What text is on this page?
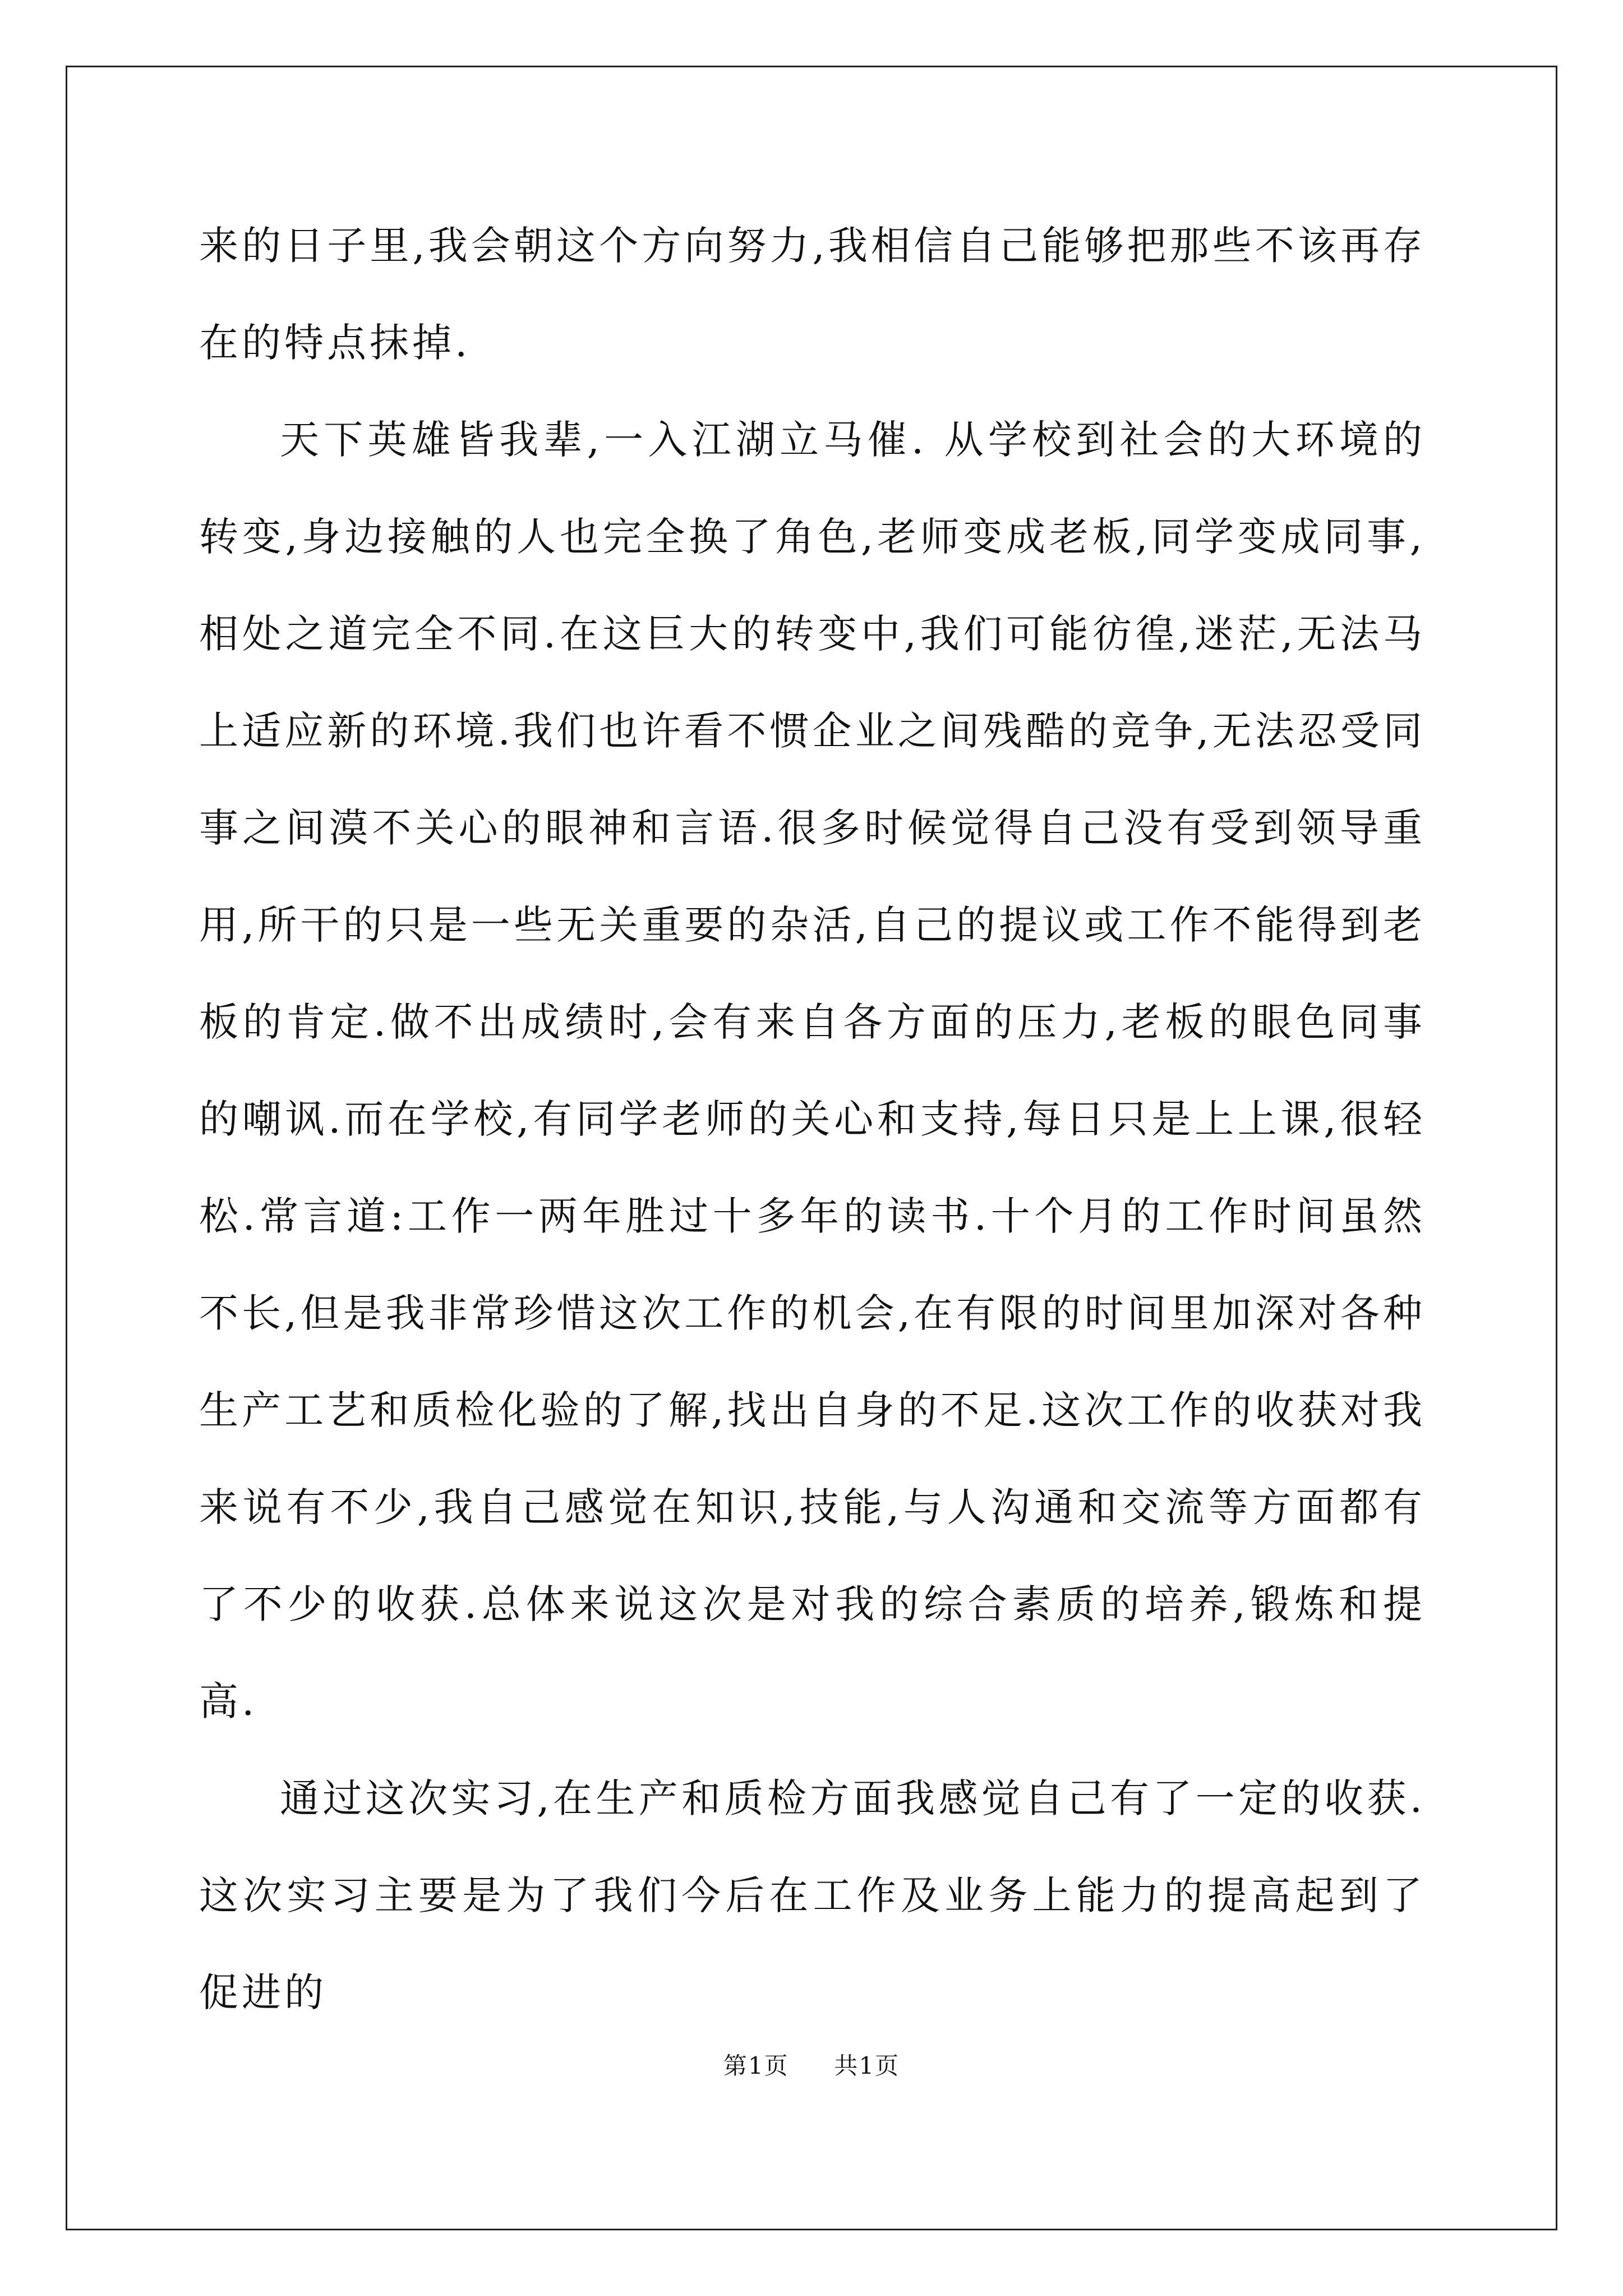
来的日子里,我会朝这个方向努力,我相信自己能够把那些不该再存在的特点抹掉.

天下英雄皆我辈,一入江湖立马催. 从学校到社会的大环境的转变,身边接触的人也完全换了角色,老师变成老板,同学变成同事,相处之道完全不同.在这巨大的转变中,我们可能彷徨,迷茫,无法马上适应新的环境.我们也许看不惯企业之间残酷的竞争,无法忍受同事之间漠不关心的眼神和言语.很多时候觉得自己没有受到领导重用,所干的只是一些无关重要的杂活,自己的提议或工作不能得到老板的肯定.做不出成绩时,会有来自各方面的压力,老板的眼色同事的嘲讽.而在学校,有同学老师的关心和支持,每日只是上上课,很轻松.常言道:工作一两年胜过十多年的读书.十个月的工作时间虽然不长,但是我非常珍惜这次工作的机会,在有限的时间里加深对各种生产工艺和质检化验的了解,找出自身的不足.这次工作的收获对我来说有不少,我自己感觉在知识,技能,与人沟通和交流等方面都有了不少的收获.总体来说这次是对我的综合素质的培养,锻炼和提高.

通过这次实习,在生产和质检方面我感觉自己有了一定的收获.这次实习主要是为了我们今后在工作及业务上能力的提高起到了促进的

第1页 共1页
